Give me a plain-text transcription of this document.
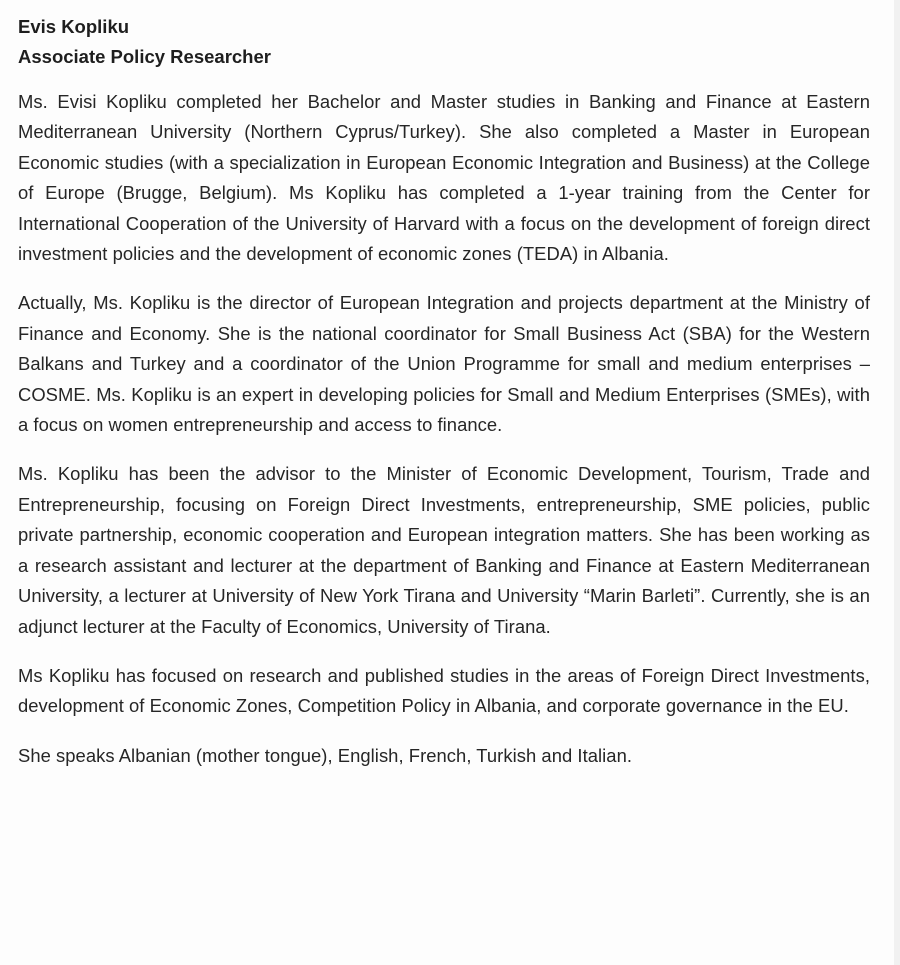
Evis Kopliku

Associate Policy Researcher

Ms. Evisi Kopliku completed her Bachelor and Master studies in Banking and Finance at Eastern Mediterranean University (Northern Cyprus/Turkey). She also completed a Master in European Economic studies (with a specialization in European Economic Integration and Business) at the College of Europe (Brugge, Belgium). Ms Kopliku has completed a 1-year training from the Center for International Cooperation of the University of Harvard with a focus on the development of foreign direct investment policies and the development of economic zones (TEDA) in Albania.

Actually, Ms. Kopliku is the director of European Integration and projects department at the Ministry of Finance and Economy. She is the national coordinator for Small Business Act (SBA) for the Western Balkans and Turkey and a coordinator of the Union Programme for small and medium enterprises – COSME. Ms. Kopliku is an expert in developing policies for Small and Medium Enterprises (SMEs), with a focus on women entrepreneurship and access to finance.

Ms. Kopliku has been the advisor to the Minister of Economic Development, Tourism, Trade and Entrepreneurship, focusing on Foreign Direct Investments, entrepreneurship, SME policies, public private partnership, economic cooperation and European integration matters. She has been working as a research assistant and lecturer at the department of Banking and Finance at Eastern Mediterranean University, a lecturer at University of New York Tirana and University “Marin Barleti”. Currently, she is an adjunct lecturer at the Faculty of Economics, University of Tirana.

Ms Kopliku has focused on research and published studies in the areas of Foreign Direct Investments, development of Economic Zones, Competition Policy in Albania, and corporate governance in the EU.

She speaks Albanian (mother tongue), English, French, Turkish and Italian.
